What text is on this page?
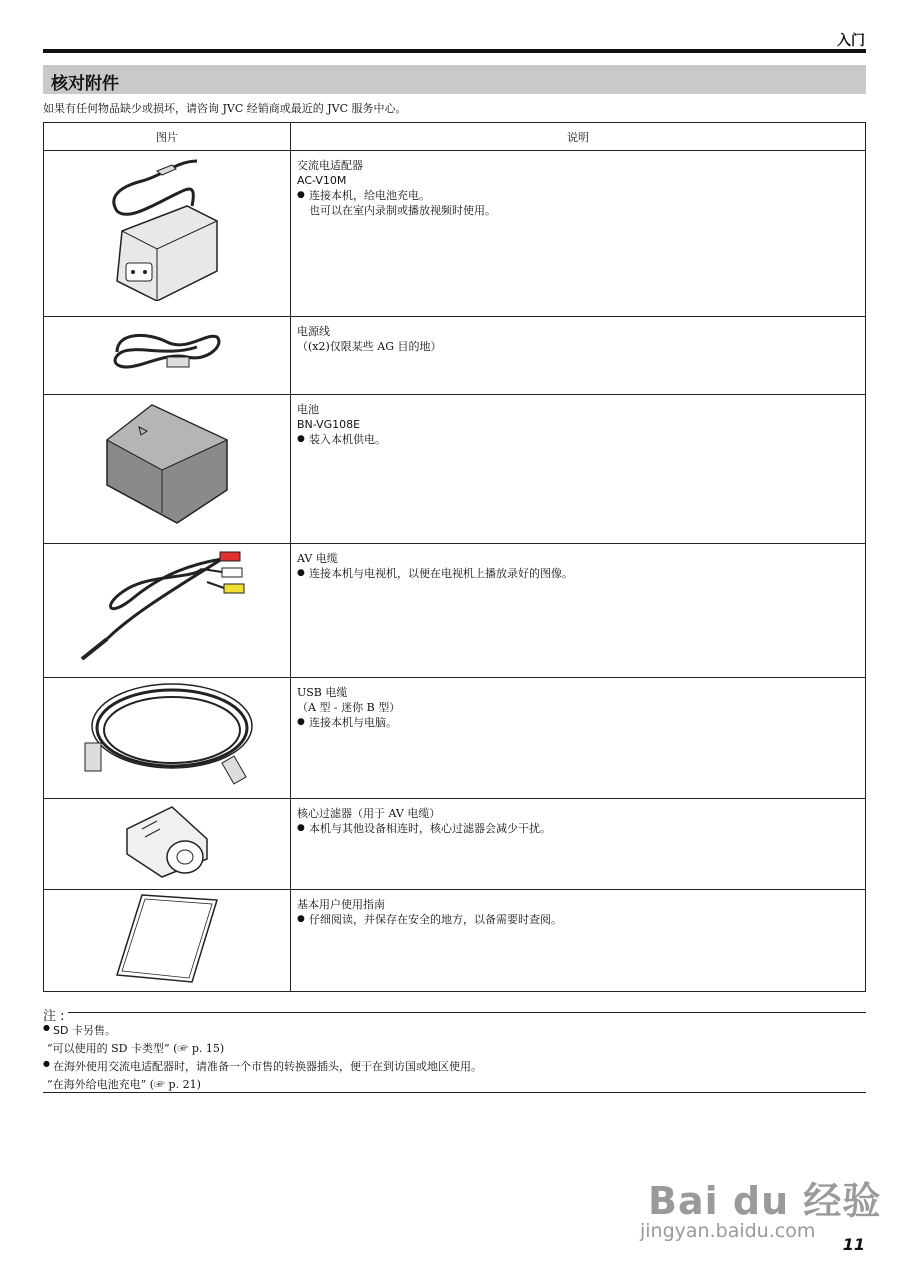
入门
核对附件
如果有任何物品缺少或损坏，请咨询 JVC 经销商或最近的 JVC 服务中心。
图片	说明

交流电适配器
AC-V10M
● 连接本机，给电池充电。
也可以在室内录制或播放视频时使用。

电源线
（(x2)仅限某些 AG 目的地）

电池
BN-VG108E
● 装入本机供电。

AV 电缆
● 连接本机与电视机，以便在电视机上播放录好的图像。

USB 电缆
（A 型 - 迷你 B 型）
● 连接本机与电脑。

核心过滤器（用于 AV 电缆）
● 本机与其他设备相连时，核心过滤器会减少干扰。

基本用户使用指南
● 仔细阅读，并保存在安全的地方，以备需要时查阅。
注 :
● SD 卡另售。
“可以使用的 SD 卡类型” (☞ p. 15)
● 在海外使用交流电适配器时，请准备一个市售的转换器插头，便于在到访国或地区使用。
“在海外给电池充电” (☞ p. 21)
Bai du 经验
jingyan.baidu.com
11
